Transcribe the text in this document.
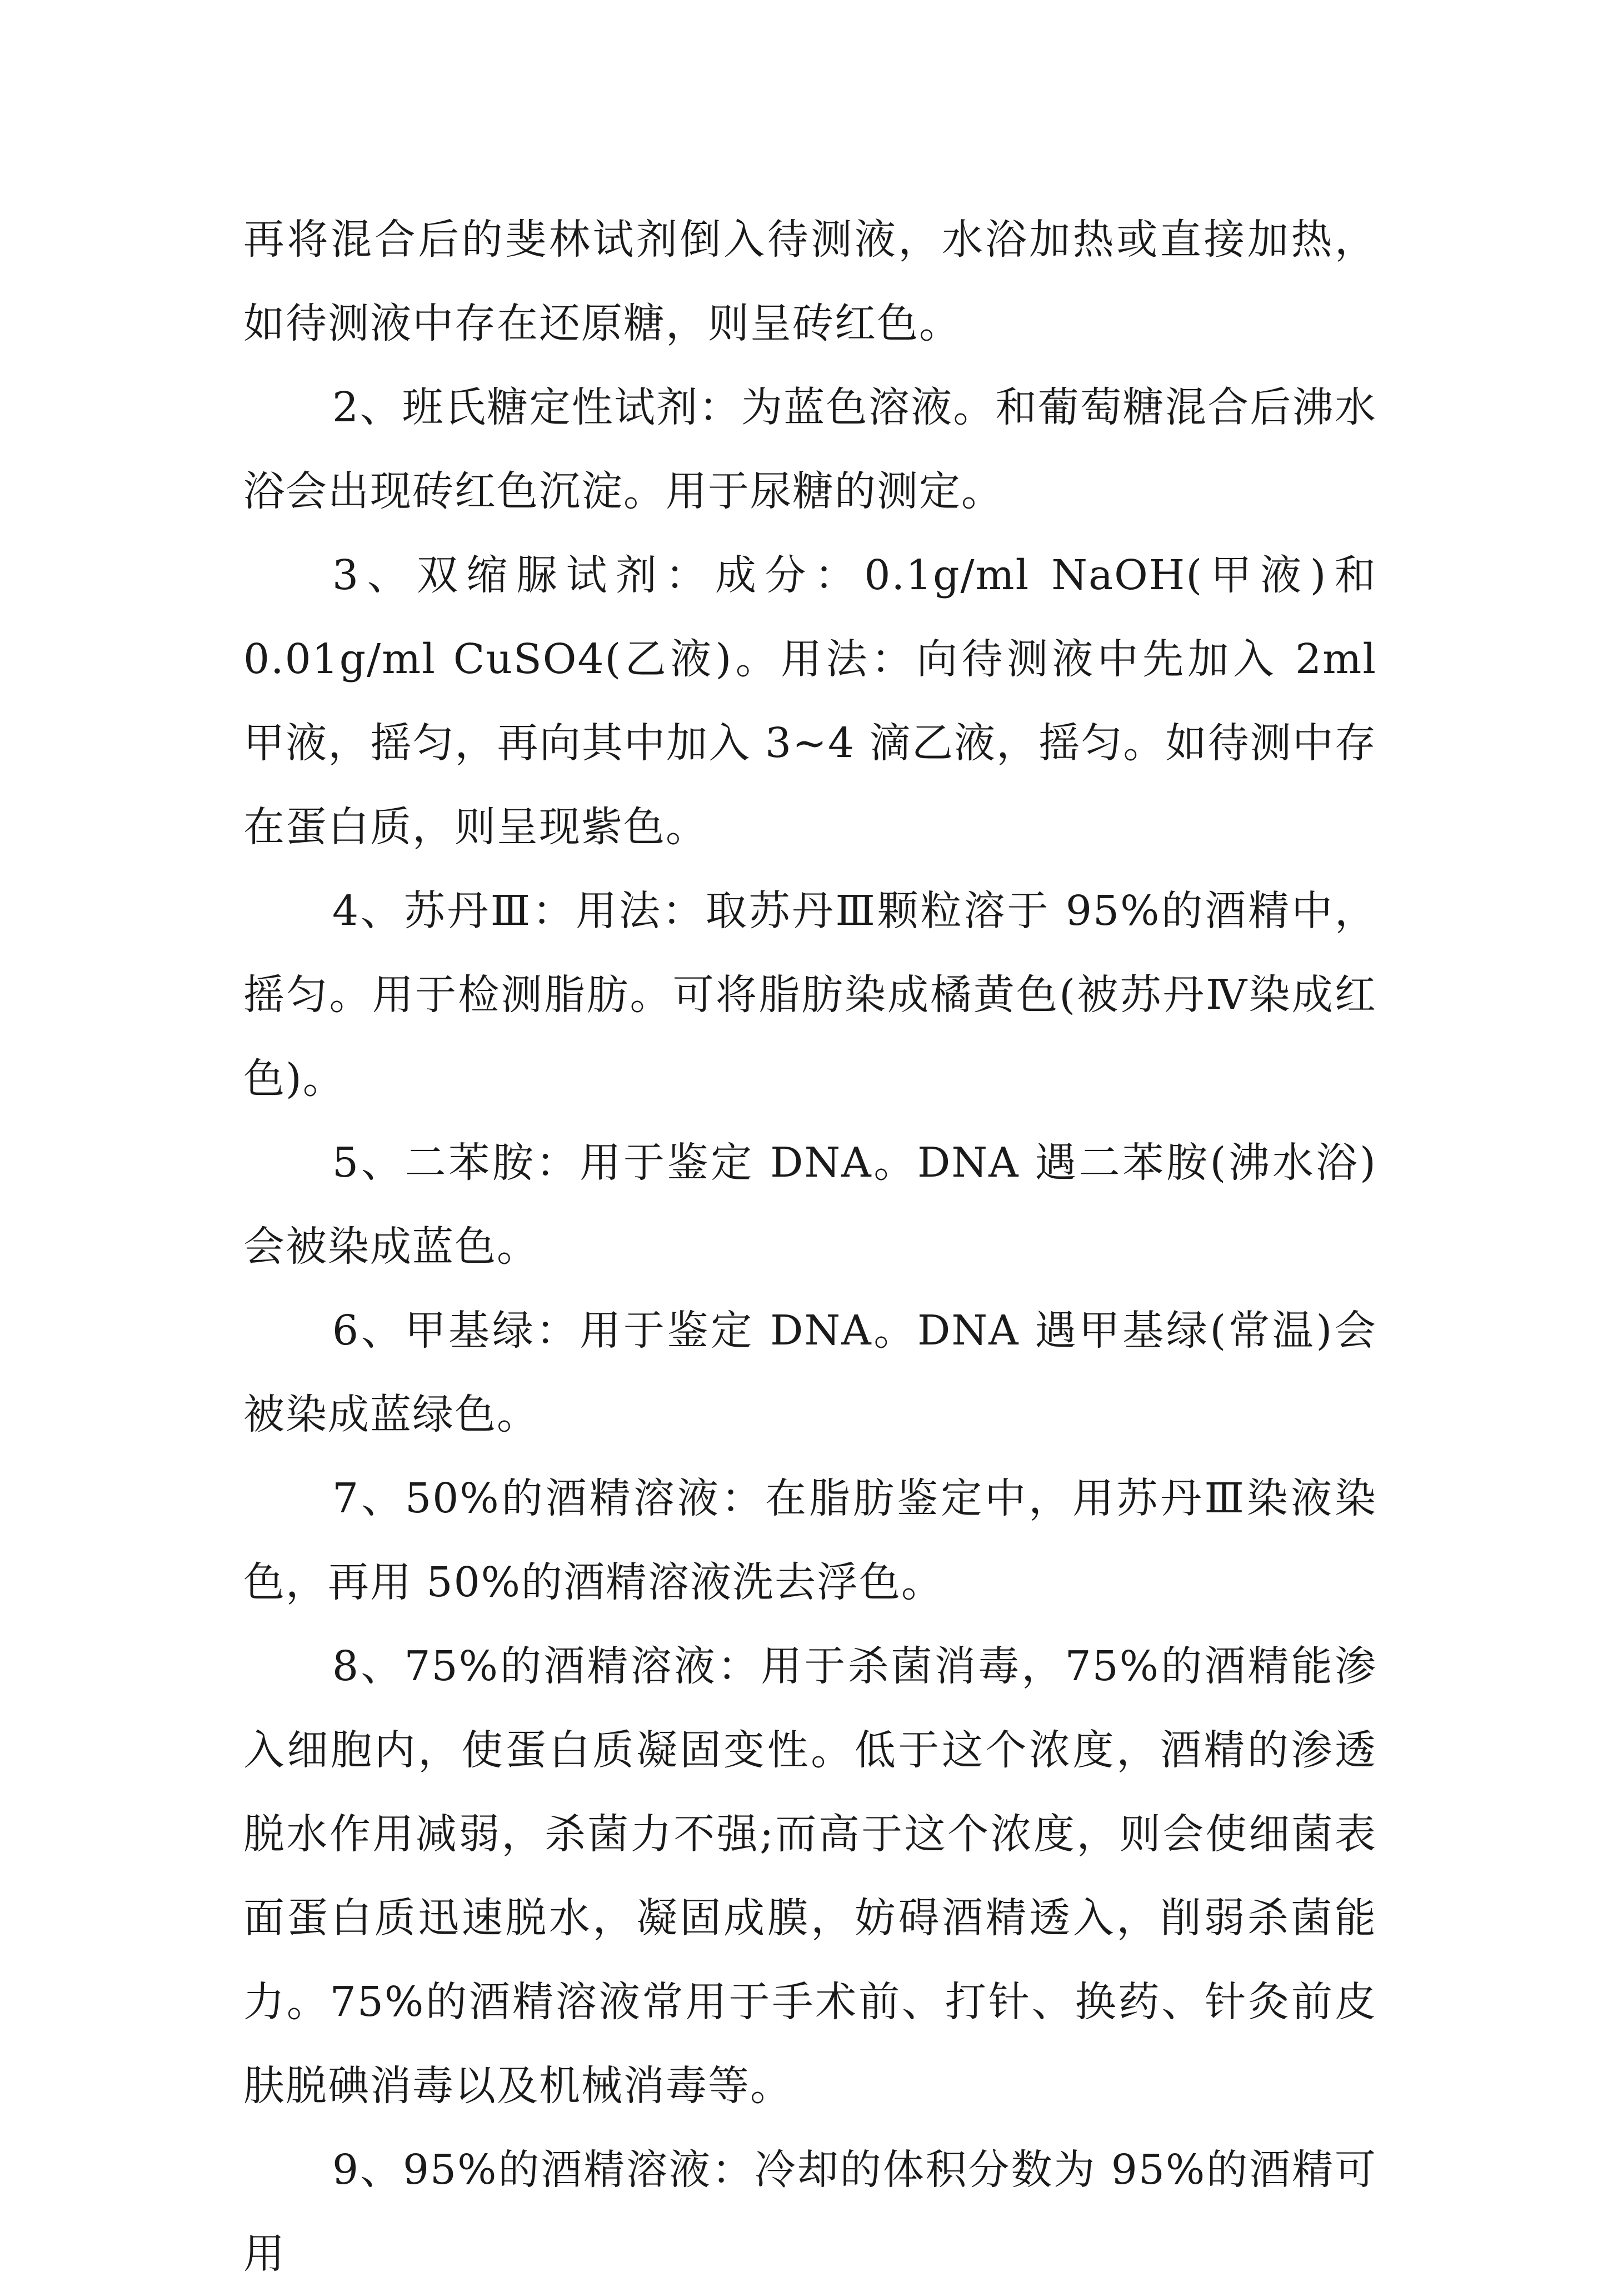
再将混合后的斐林试剂倒入待测液，水浴加热或直接加热，如待测液中存在还原糖，则呈砖红色。

2、班氏糖定性试剂：为蓝色溶液。和葡萄糖混合后沸水浴会出现砖红色沉淀。用于尿糖的测定。

3、双缩脲试剂：成分：0.1g/ml NaOH(甲液)和 0.01g/ml CuSO4(乙液)。用法：向待测液中先加入 2ml 甲液，摇匀，再向其中加入 3~4 滴乙液，摇匀。如待测中存在蛋白质，则呈现紫色。

4、苏丹Ⅲ：用法：取苏丹Ⅲ颗粒溶于 95%的酒精中，摇匀。用于检测脂肪。可将脂肪染成橘黄色(被苏丹Ⅳ染成红色)。

5、二苯胺：用于鉴定 DNA。DNA 遇二苯胺(沸水浴)会被染成蓝色。

6、甲基绿：用于鉴定 DNA。DNA 遇甲基绿(常温)会被染成蓝绿色。

7、50%的酒精溶液：在脂肪鉴定中，用苏丹Ⅲ染液染色，再用 50%的酒精溶液洗去浮色。

8、75%的酒精溶液：用于杀菌消毒，75%的酒精能渗入细胞内，使蛋白质凝固变性。低于这个浓度，酒精的渗透脱水作用减弱，杀菌力不强;而高于这个浓度，则会使细菌表面蛋白质迅速脱水，凝固成膜，妨碍酒精透入，削弱杀菌能力。75%的酒精溶液常用于手术前、打针、换药、针灸前皮肤脱碘消毒以及机械消毒等。

9、95%的酒精溶液：冷却的体积分数为 95%的酒精可用
